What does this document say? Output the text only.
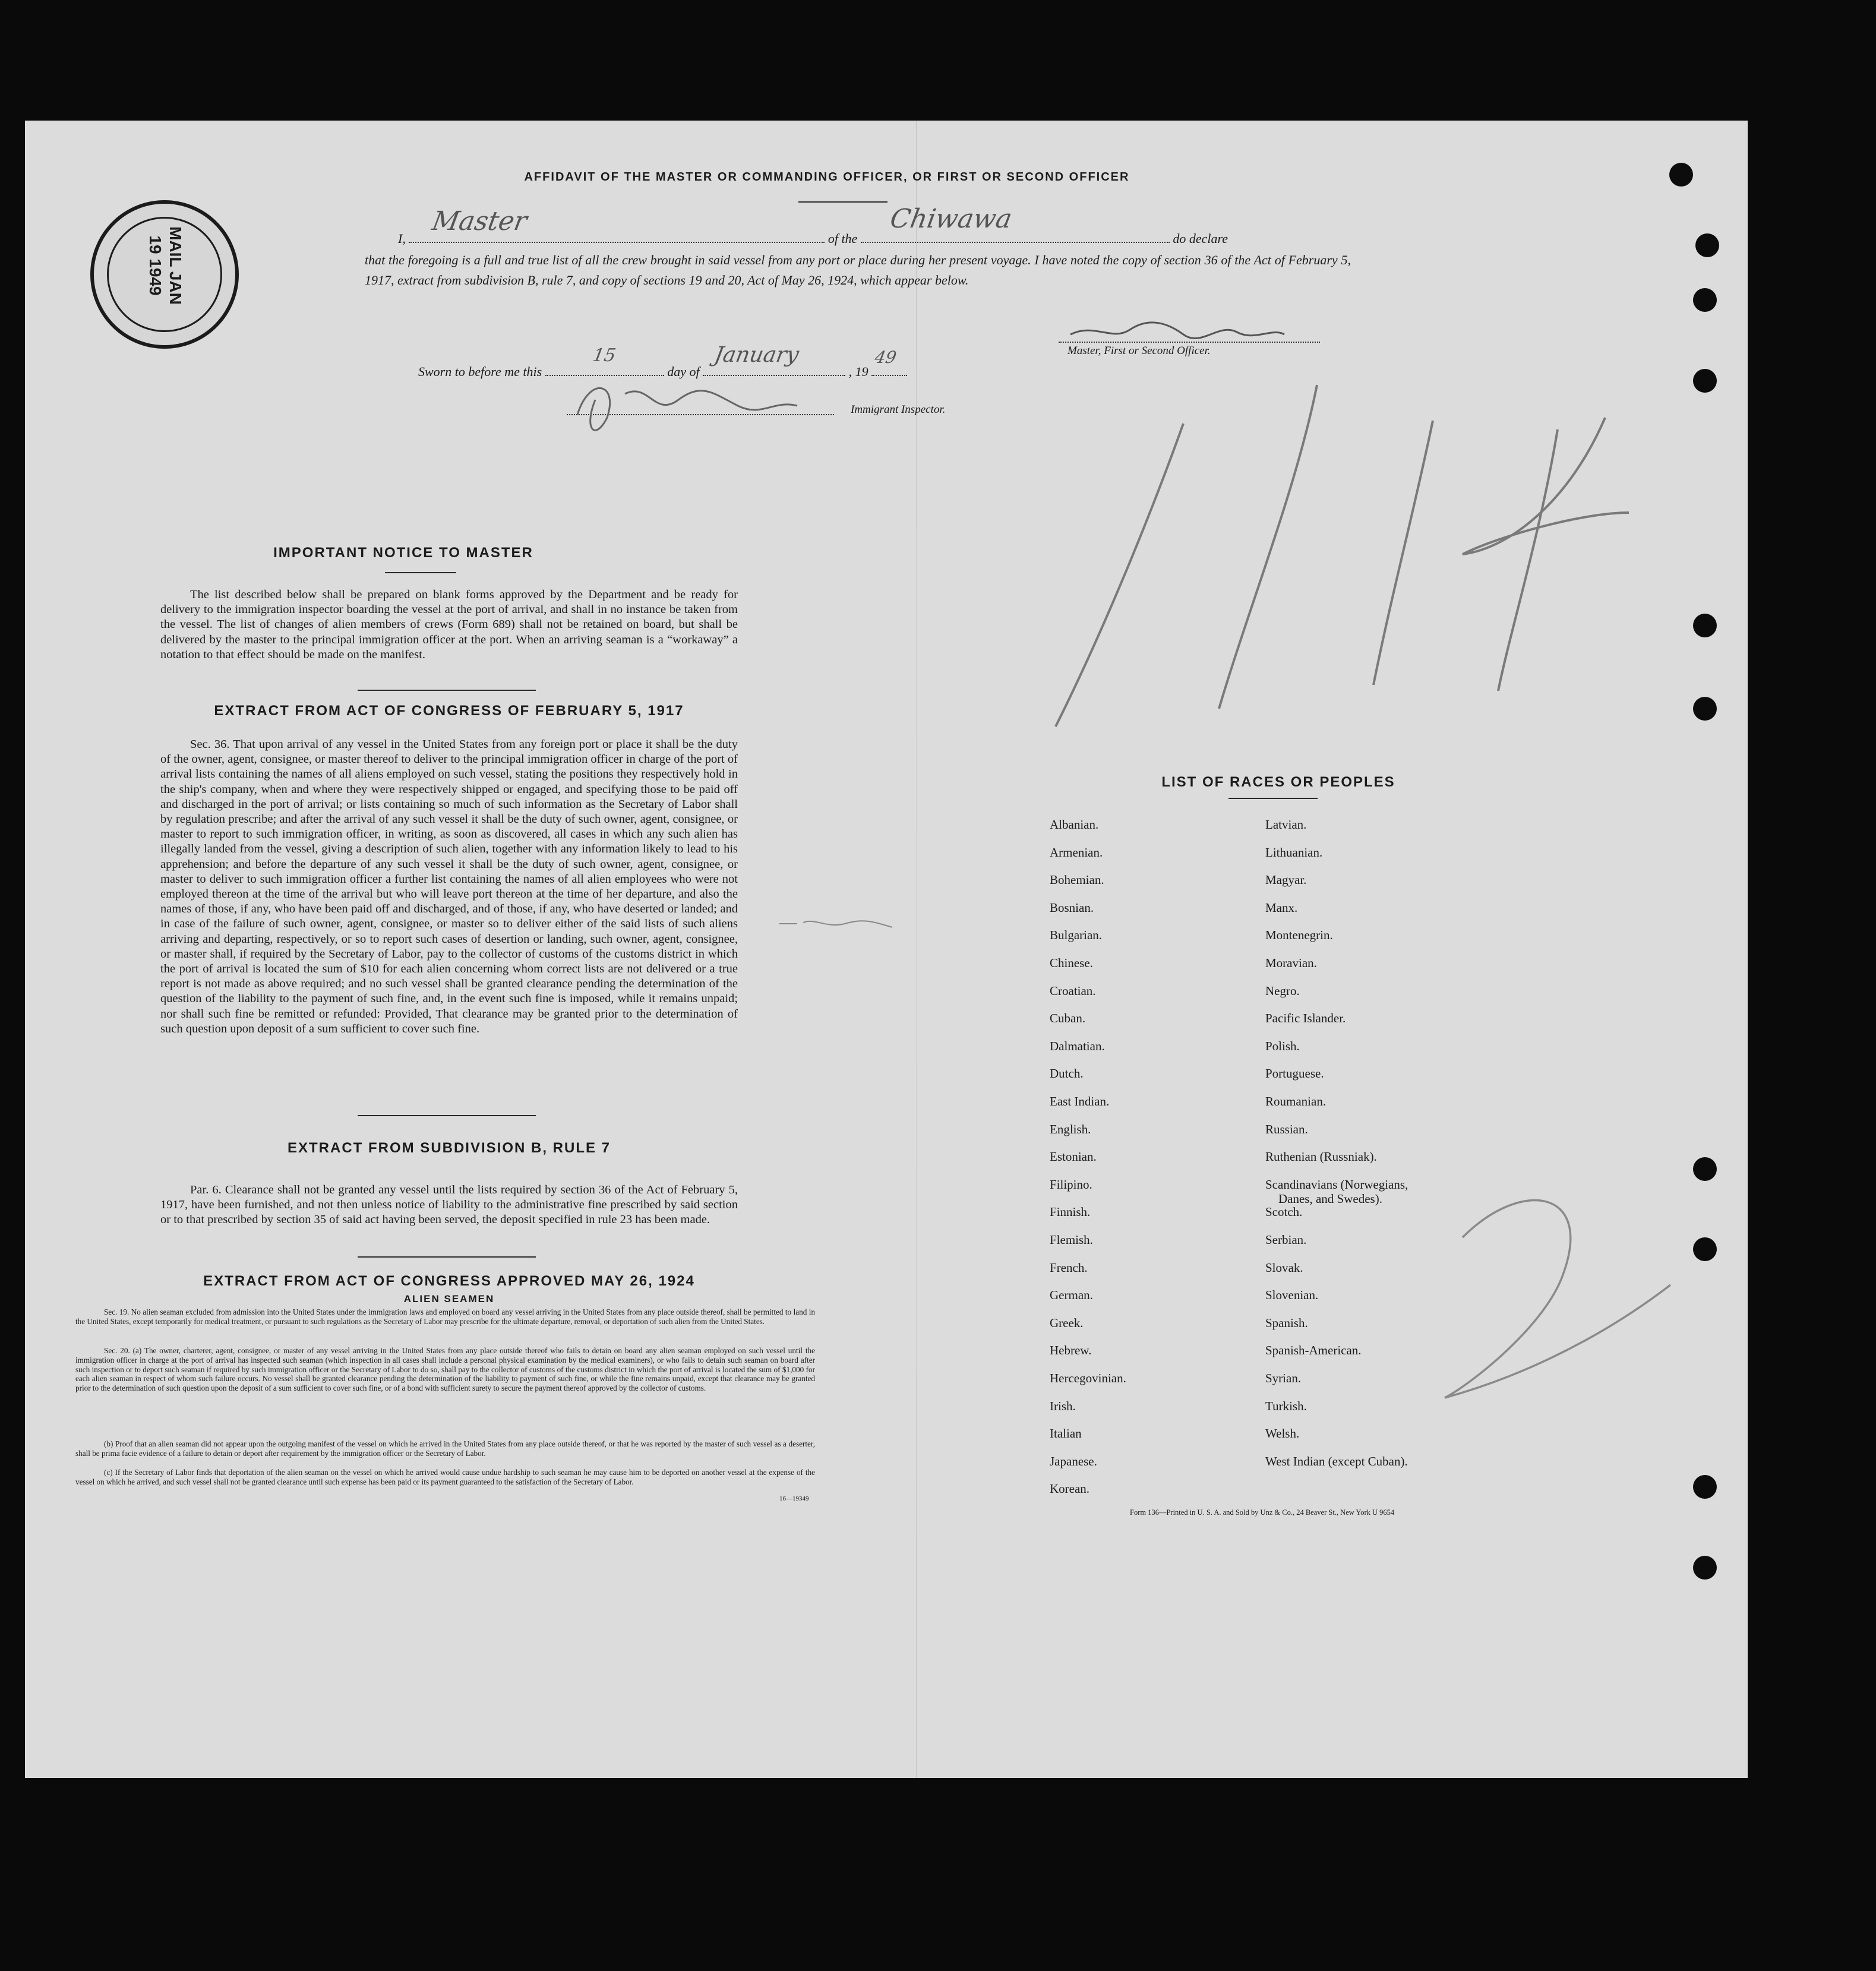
MAIL JAN 19 1949
AFFIDAVIT OF THE MASTER OR COMMANDING OFFICER, OR FIRST OR SECOND OFFICER
I,
Master
of the
Chiwawa
do declare
that the foregoing is a full and true list of all the crew brought in said vessel from any port or place during her present voyage. I have noted the copy of section 36 of the Act of February 5, 1917, extract from subdivision B, rule 7, and copy of sections 19 and 20, Act of May 26, 1924, which appear below.
Master, First or Second Officer.
Sworn to before me this
15
day of
January
, 19
49
Immigrant Inspector.
IMPORTANT NOTICE TO MASTER
The list described below shall be prepared on blank forms approved by the Department and be ready for delivery to the immigration inspector boarding the vessel at the port of arrival, and shall in no instance be taken from the vessel. The list of changes of alien members of crews (Form 689) shall not be retained on board, but shall be delivered by the master to the principal immigration officer at the port. When an arriving seaman is a “workaway” a notation to that effect should be made on the manifest.
EXTRACT FROM ACT OF CONGRESS OF FEBRUARY 5, 1917
Sec. 36. That upon arrival of any vessel in the United States from any foreign port or place it shall be the duty of the owner, agent, consignee, or master thereof to deliver to the principal immigration officer in charge of the port of arrival lists containing the names of all aliens employed on such vessel, stating the positions they respectively hold in the ship's company, when and where they were respectively shipped or engaged, and specifying those to be paid off and discharged in the port of arrival; or lists containing so much of such information as the Secretary of Labor shall by regulation prescribe; and after the arrival of any such vessel it shall be the duty of such owner, agent, consignee, or master to report to such immigration officer, in writing, as soon as discovered, all cases in which any such alien has illegally landed from the vessel, giving a description of such alien, together with any information likely to lead to his apprehension; and before the departure of any such vessel it shall be the duty of such owner, agent, consignee, or master to deliver to such immigration officer a further list containing the names of all alien employees who were not employed thereon at the time of the arrival but who will leave port thereon at the time of her departure, and also the names of those, if any, who have been paid off and discharged, and of those, if any, who have deserted or landed; and in case of the failure of such owner, agent, consignee, or master so to deliver either of the said lists of such aliens arriving and departing, respectively, or so to report such cases of desertion or landing, such owner, agent, consignee, or master shall, if required by the Secretary of Labor, pay to the collector of customs of the customs district in which the port of arrival is located the sum of $10 for each alien concerning whom correct lists are not delivered or a true report is not made as above required; and no such vessel shall be granted clearance pending the determination of the question of the liability to the payment of such fine, and, in the event such fine is imposed, while it remains unpaid; nor shall such fine be remitted or refunded: Provided, That clearance may be granted prior to the determination of such question upon deposit of a sum sufficient to cover such fine.
EXTRACT FROM SUBDIVISION B, RULE 7
Par. 6. Clearance shall not be granted any vessel until the lists required by section 36 of the Act of February 5, 1917, have been furnished, and not then unless notice of liability to the administrative fine prescribed by said section or to that prescribed by section 35 of said act having been served, the deposit specified in rule 23 has been made.
EXTRACT FROM ACT OF CONGRESS APPROVED MAY 26, 1924
ALIEN SEAMEN
Sec. 19. No alien seaman excluded from admission into the United States under the immigration laws and employed on board any vessel arriving in the United States from any place outside thereof, shall be permitted to land in the United States, except temporarily for medical treatment, or pursuant to such regulations as the Secretary of Labor may prescribe for the ultimate departure, removal, or deportation of such alien from the United States.
Sec. 20. (a) The owner, charterer, agent, consignee, or master of any vessel arriving in the United States from any place outside thereof who fails to detain on board any alien seaman employed on such vessel until the immigration officer in charge at the port of arrival has inspected such seaman (which inspection in all cases shall include a personal physical examination by the medical examiners), or who fails to detain such seaman on board after such inspection or to deport such seaman if required by such immigration officer or the Secretary of Labor to do so, shall pay to the collector of customs of the customs district in which the port of arrival is located the sum of $1,000 for each alien seaman in respect of whom such failure occurs. No vessel shall be granted clearance pending the determination of the liability to payment of such fine, or while the fine remains unpaid, except that clearance may be granted prior to the determination of such question upon the deposit of a sum sufficient to cover such fine, or of a bond with sufficient surety to secure the payment thereof approved by the collector of customs.
(b) Proof that an alien seaman did not appear upon the outgoing manifest of the vessel on which he arrived in the United States from any place outside thereof, or that he was reported by the master of such vessel as a deserter, shall be prima facie evidence of a failure to detain or deport after requirement by the immigration officer or the Secretary of Labor.
(c) If the Secretary of Labor finds that deportation of the alien seaman on the vessel on which he arrived would cause undue hardship to such seaman he may cause him to be deported on another vessel at the expense of the vessel on which he arrived, and such vessel shall not be granted clearance until such expense has been paid or its payment guaranteed to the satisfaction of the Secretary of Labor.
16—19349
LIST OF RACES OR PEOPLES
Form 136—Printed in U. S. A. and Sold by Unz & Co., 24 Beaver St., New York U 9654
Albanian.
Armenian.
Bohemian.
Bosnian.
Bulgarian.
Chinese.
Croatian.
Cuban.
Dalmatian.
Dutch.
East Indian.
English.
Estonian.
Filipino.
Finnish.
Flemish.
French.
German.
Greek.
Hebrew.
Hercegovinian.
Irish.
Italian
Japanese.
Korean.
Latvian.
Lithuanian.
Magyar.
Manx.
Montenegrin.
Moravian.
Negro.
Pacific Islander.
Polish.
Portuguese.
Roumanian.
Russian.
Ruthenian (Russniak).
Scandinavians (Norwegians,
Danes, and Swedes).
Scotch.
Serbian.
Slovak.
Slovenian.
Spanish.
Spanish-American.
Syrian.
Turkish.
Welsh.
West Indian (except Cuban).
